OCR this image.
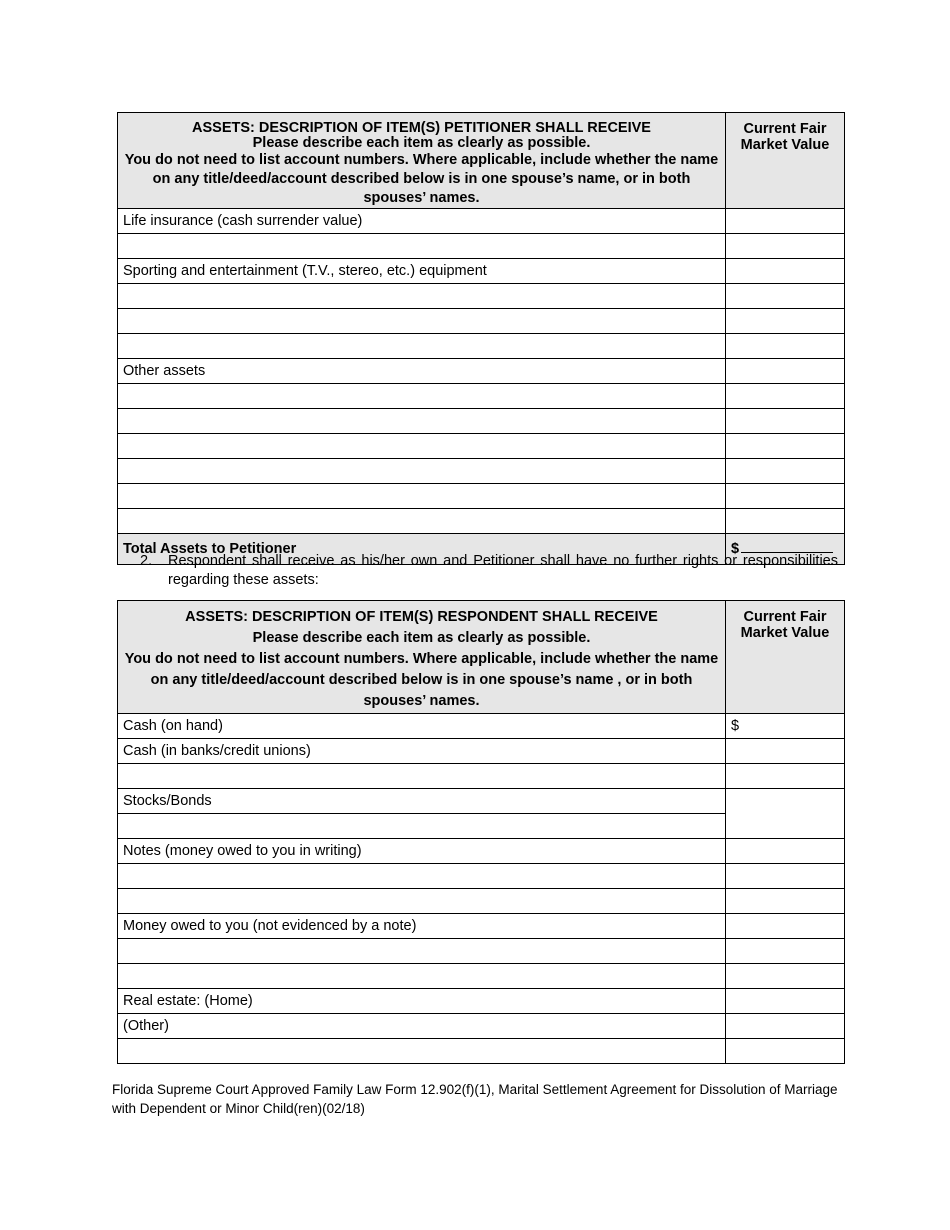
ASSETS: DESCRIPTION OF ITEM(S) PETITIONER SHALL RECEIVE
Please describe each item as clearly as possible.
You do not need to list account numbers. Where applicable, include whether the name on any title/deed/account described below is in one spouse’s name, or in both spouses’ names.	Current Fair Market Value
Life insurance (cash surrender value)	

Sporting and entertainment (T.V., stereo, etc.) equipment	

Other assets	

Total Assets to Petitioner	$
2. Respondent shall receive as his/her own and Petitioner shall have no further rights or responsibilities regarding these assets:
ASSETS: DESCRIPTION OF ITEM(S) RESPONDENT SHALL RECEIVE
Please describe each item as clearly as possible.
You do not need to list account numbers. Where applicable, include whether the name on any title/deed/account described below is in one spouse’s name , or in both spouses’ names.	Current Fair Market Value
Cash (on hand)	$
Cash (in banks/credit unions)	

Stocks/Bonds	

Notes (money owed to you in writing)	

Money owed to you (not evidenced by a note)	

Real estate: (Home)	
(Other)	

Florida Supreme Court Approved Family Law Form 12.902(f)(1), Marital Settlement Agreement for Dissolution of Marriage with Dependent or Minor Child(ren)(02/18)
